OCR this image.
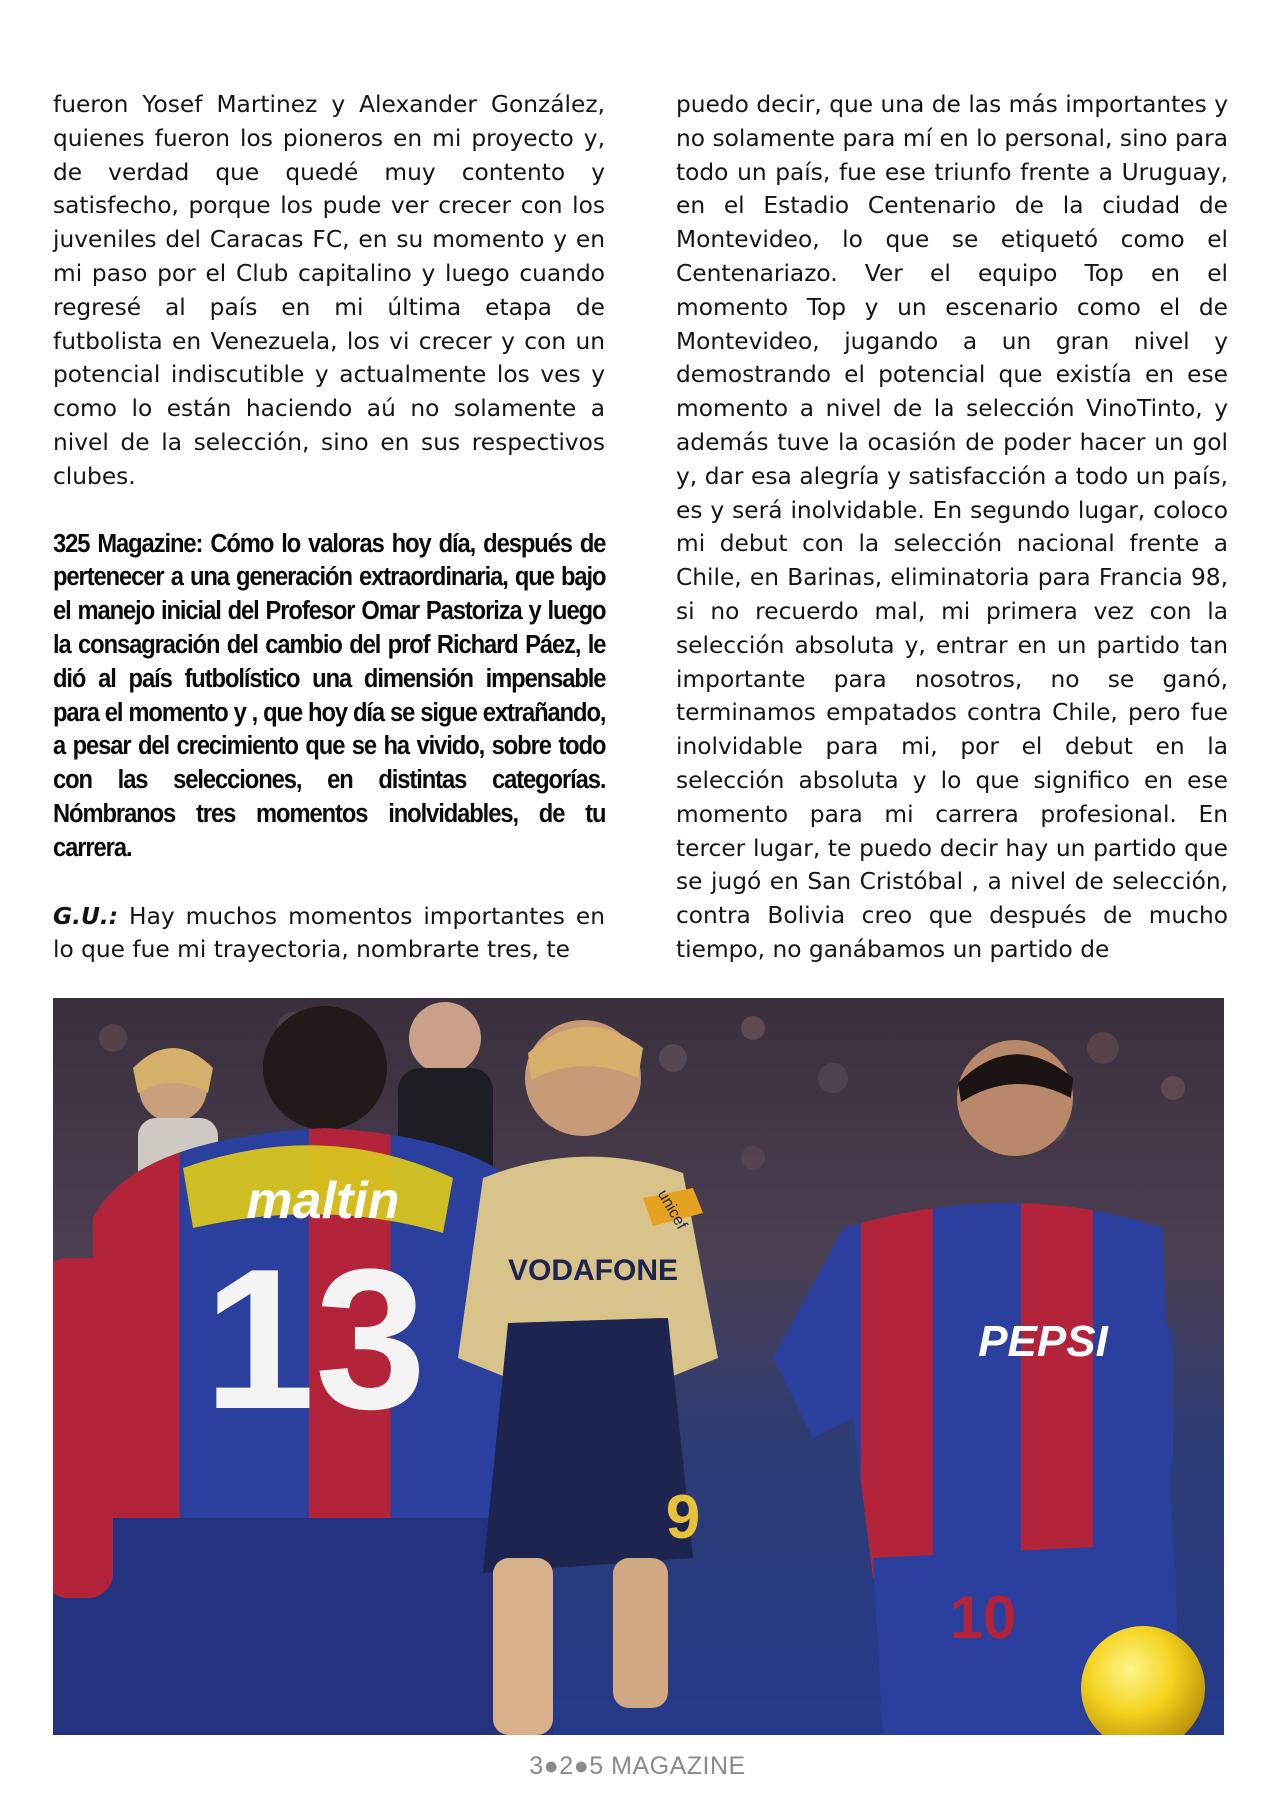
fueron Yosef Martinez y Alexander González, quienes fueron los pioneros en mi proyecto y, de verdad que quedé muy contento y satisfecho, porque los pude ver crecer con los juveniles del Caracas FC, en su momento y en mi paso por el Club capitalino y luego cuando regresé al país en mi última etapa de futbolista en Venezuela, los vi crecer y con un potencial indiscutible y actualmente los ves y como lo están haciendo aú no solamente a nivel de la selección, sino en sus respectivos clubes.

325 Magazine: Cómo lo valoras hoy día, después de pertenecer a una generación extraordinaria, que bajo el manejo inicial del Profesor Omar Pastoriza y luego la consagración del cambio del prof Richard Páez, le dió al país futbolístico una dimensión impensable para el momento y , que hoy día se sigue extrañando, a pesar del crecimiento que se ha vivido, sobre todo con las selecciones, en distintas categorías. Nómbranos tres momentos inolvidables, de tu carrera.

G.U.: Hay muchos momentos importantes en lo que fue mi trayectoria, nombrarte tres, te

puedo decir, que una de las más importantes y no solamente para mí en lo personal, sino para todo un país, fue ese triunfo frente a Uruguay, en el Estadio Centenario de la ciudad de Montevideo, lo que se etiquetó como el Centenariazo. Ver el equipo Top en el momento Top y un escenario como el de Montevideo, jugando a un gran nivel y demostrando el potencial que existía en ese momento a nivel de la selección VinoTinto, y además tuve la ocasión de poder hacer un gol y, dar esa alegría y satisfacción a todo un país, es y será inolvidable. En segundo lugar, coloco mi debut con la selección nacional frente a Chile, en Barinas, eliminatoria para Francia 98, si no recuerdo mal, mi primera vez con la selección absoluta y, entrar en un partido tan importante para nosotros, no se ganó, terminamos empatados contra Chile, pero fue inolvidable para mi, por el debut en la selección absoluta y lo que significo en ese momento para mi carrera profesional. En tercer lugar, te puedo decir hay un partido que se jugó en San Cristóbal , a nivel de selección, contra Bolivia creo que después de mucho tiempo, no ganábamos un partido de

maltin
13
unicef
VODAFONE
9
PEPSI
10
3●2●5 MAGAZINE
